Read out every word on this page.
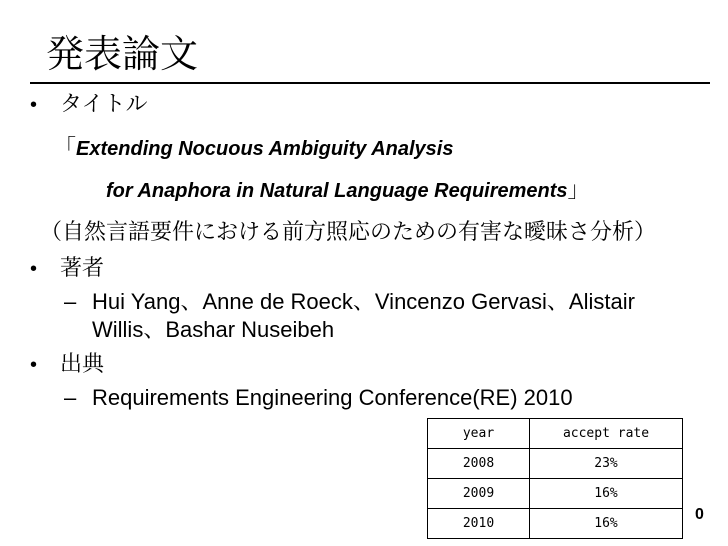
発表論文
• タイトル
「Extending Nocuous Ambiguity Analysis
for Anaphora in Natural Language Requirements」
（自然言語要件における前方照応のための有害な曖昧さ分析）
• 著者
– Hui Yang、Anne de Roeck、Vincenzo Gervasi、Alistair
Willis、Bashar Nuseibeh
• 出典
– Requirements Engineering Conference(RE) 2010
year	accept rate
2008	23%
2009	16%
2010	16%
0
